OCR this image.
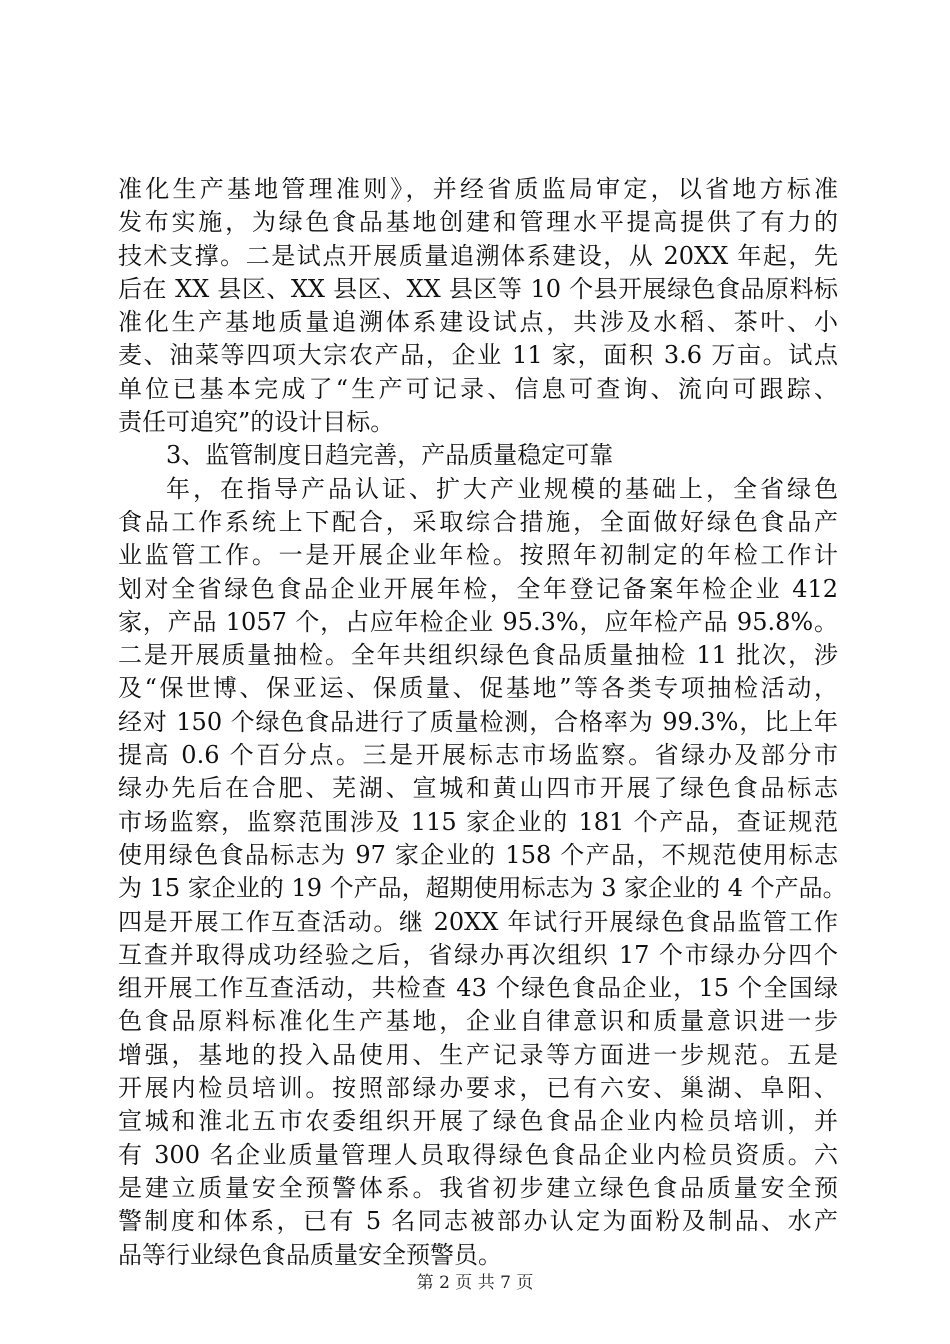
准化生产基地管理准则》，并经省质监局审定，以省地方标准
发布实施，为绿色食品基地创建和管理水平提高提供了有力的
技术支撑。二是试点开展质量追溯体系建设，从 20XX 年起，先
后在 XX 县区、XX 县区、XX 县区等 10 个县开展绿色食品原料标
准化生产基地质量追溯体系建设试点，共涉及水稻、茶叶、小
麦、油菜等四项大宗农产品，企业 11 家，面积 3.6 万亩。试点
单位已基本完成了“生产可记录、信息可查询、流向可跟踪、
责任可追究”的设计目标。
3、监管制度日趋完善，产品质量稳定可靠
年，在指导产品认证、扩大产业规模的基础上，全省绿色
食品工作系统上下配合，采取综合措施，全面做好绿色食品产
业监管工作。一是开展企业年检。按照年初制定的年检工作计
划对全省绿色食品企业开展年检，全年登记备案年检企业 412
家，产品 1057 个，占应年检企业 95.3%，应年检产品 95.8%。
二是开展质量抽检。全年共组织绿色食品质量抽检 11 批次，涉
及“保世博、保亚运、保质量、促基地”等各类专项抽检活动，
经对 150 个绿色食品进行了质量检测，合格率为 99.3%，比上年
提高 0.6 个百分点。三是开展标志市场监察。省绿办及部分市
绿办先后在合肥、芜湖、宣城和黄山四市开展了绿色食品标志
市场监察，监察范围涉及 115 家企业的 181 个产品，查证规范
使用绿色食品标志为 97 家企业的 158 个产品，不规范使用标志
为 15 家企业的 19 个产品，超期使用标志为 3 家企业的 4 个产品。
四是开展工作互查活动。继 20XX 年试行开展绿色食品监管工作
互查并取得成功经验之后，省绿办再次组织 17 个市绿办分四个
组开展工作互查活动，共检查 43 个绿色食品企业，15 个全国绿
色食品原料标准化生产基地，企业自律意识和质量意识进一步
增强，基地的投入品使用、生产记录等方面进一步规范。五是
开展内检员培训。按照部绿办要求，已有六安、巢湖、阜阳、
宣城和淮北五市农委组织开展了绿色食品企业内检员培训，并
有 300 名企业质量管理人员取得绿色食品企业内检员资质。六
是建立质量安全预警体系。我省初步建立绿色食品质量安全预
警制度和体系，已有 5 名同志被部办认定为面粉及制品、水产
品等行业绿色食品质量安全预警员。
第 2 页 共 7 页
